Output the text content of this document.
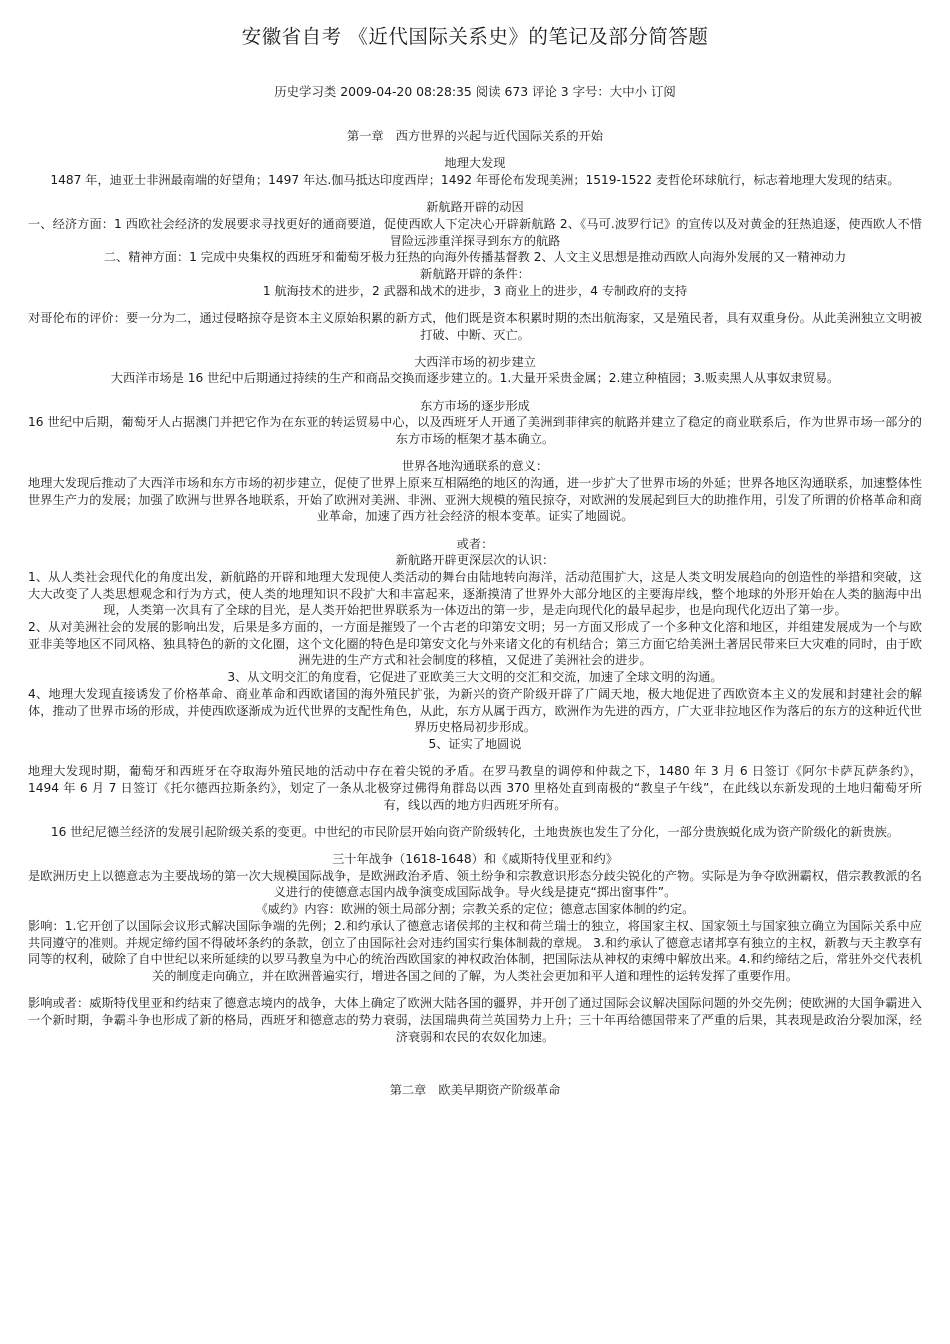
安徽省自考 《近代国际关系史》的笔记及部分简答题
历史学习类 2009-04-20 08:28:35 阅读 673 评论 3 字号：大中小 订阅

第一章　西方世界的兴起与近代国际关系的开始

地理大发现

1487 年，迪亚士非洲最南端的好望角；1497 年达.伽马抵达印度西岸；1492 年哥伦布发现美洲；1519-1522 麦哲伦环球航行，标志着地理大发现的结束。

新航路开辟的动因

一、经济方面：1 西欧社会经济的发展要求寻找更好的通商要道，促使西欧人下定决心开辟新航路 2、《马可.波罗行记》的宣传以及对黄金的狂热追逐，使西欧人不惜冒险远涉重洋探寻到东方的航路

二、精神方面：1 完成中央集权的西班牙和葡萄牙极力狂热的向海外传播基督教 2、人文主义思想是推动西欧人向海外发展的又一精神动力

新航路开辟的条件：

1 航海技术的进步，2 武器和战术的进步，3 商业上的进步，4 专制政府的支持

对哥伦布的评价：要一分为二，通过侵略掠夺是资本主义原始积累的新方式，他们既是资本积累时期的杰出航海家，又是殖民者，具有双重身份。从此美洲独立文明被打破、中断、灭亡。

大西洋市场的初步建立

大西洋市场是 16 世纪中后期通过持续的生产和商品交换而逐步建立的。1.大量开采贵金属；2.建立种植园；3.贩卖黑人从事奴隶贸易。

东方市场的逐步形成

16 世纪中后期，葡萄牙人占据澳门并把它作为在东亚的转运贸易中心，以及西班牙人开通了美洲到菲律宾的航路并建立了稳定的商业联系后，作为世界市场一部分的东方市场的框架才基本确立。

世界各地沟通联系的意义：

地理大发现后推动了大西洋市场和东方市场的初步建立，促使了世界上原来互相隔绝的地区的沟通，进一步扩大了世界市场的外延；世界各地区沟通联系，加速整体性世界生产力的发展；加强了欧洲与世界各地联系，开始了欧洲对美洲、非洲、亚洲大规模的殖民掠夺，对欧洲的发展起到巨大的助推作用，引发了所谓的价格革命和商业革命，加速了西方社会经济的根本变革。证实了地圆说。

或者：

新航路开辟更深层次的认识：

1、从人类社会现代化的角度出发，新航路的开辟和地理大发现使人类活动的舞台由陆地转向海洋，活动范围扩大，这是人类文明发展趋向的创造性的举措和突破，这大大改变了人类思想观念和行为方式，使人类的地理知识不段扩大和丰富起来，逐渐摸清了世界外大部分地区的主要海岸线，整个地球的外形开始在人类的脑海中出现，人类第一次具有了全球的目光，是人类开始把世界联系为一体迈出的第一步，是走向现代化的最早起步，也是向现代化迈出了第一步。

2、从对美洲社会的发展的影响出发，后果是多方面的，一方面是摧毁了一个古老的印第安文明；另一方面又形成了一个多种文化溶和地区，并组建发展成为一个与欧亚非美等地区不同风格、独具特色的新的文化圈，这个文化圈的特色是印第安文化与外来诸文化的有机结合；第三方面它给美洲土著居民带来巨大灾难的同时，由于欧洲先进的生产方式和社会制度的移植，又促进了美洲社会的进步。

3、从文明交汇的角度看，它促进了亚欧美三大文明的交汇和交流，加速了全球文明的沟通。

4、地理大发现直接诱发了价格革命、商业革命和西欧诸国的海外殖民扩张，为新兴的资产阶级开辟了广阔天地，极大地促进了西欧资本主义的发展和封建社会的解体，推动了世界市场的形成，并使西欧逐渐成为近代世界的支配性角色，从此，东方从属于西方，欧洲作为先进的西方，广大亚非拉地区作为落后的东方的这种近代世界历史格局初步形成。

5、证实了地圆说

地理大发现时期，葡萄牙和西班牙在夺取海外殖民地的活动中存在着尖锐的矛盾。在罗马教皇的调停和仲裁之下，1480 年 3 月 6 日签订《阿尔卡萨瓦萨条约》，1494 年 6 月 7 日签订《托尔德西拉斯条约》，划定了一条从北极穿过佛得角群岛以西 370 里格处直到南极的“教皇子午线”，在此线以东新发现的土地归葡萄牙所有，线以西的地方归西班牙所有。

16 世纪尼德兰经济的发展引起阶级关系的变更。中世纪的市民阶层开始向资产阶级转化，土地贵族也发生了分化，一部分贵族蜕化成为资产阶级化的新贵族。

三十年战争（1618-1648）和《威斯特伐里亚和约》

是欧洲历史上以德意志为主要战场的第一次大规模国际战争，是欧洲政治矛盾、领土纷争和宗教意识形态分歧尖锐化的产物。实际是为争夺欧洲霸权，借宗教教派的名义进行的使德意志国内战争演变成国际战争。导火线是捷克“掷出窗事件”。

《威约》内容：欧洲的领土局部分割；宗教关系的定位；德意志国家体制的约定。

影响：1.它开创了以国际会议形式解决国际争端的先例；2.和约承认了德意志诸侯邦的主权和荷兰瑞士的独立，将国家主权、国家领土与国家独立确立为国际关系中应共同遵守的准则。并规定缔约国不得破坏条约的条款，创立了由国际社会对违约国实行集体制裁的章规。 3.和约承认了德意志诸邦享有独立的主权，新教与天主教享有同等的权利，破除了自中世纪以来所延续的以罗马教皇为中心的统治西欧国家的神权政治体制，把国际法从神权的束缚中解放出来。4.和约缔结之后，常驻外交代表机关的制度走向确立，并在欧洲普遍实行，增进各国之间的了解，为人类社会更加和平人道和理性的运转发挥了重要作用。

影响或者：威斯特伐里亚和约结束了德意志境内的战争，大体上确定了欧洲大陆各国的疆界，并开创了通过国际会议解决国际问题的外交先例；使欧洲的大国争霸进入一个新时期，争霸斗争也形成了新的格局，西班牙和德意志的势力衰弱，法国瑞典荷兰英国势力上升；三十年再给德国带来了严重的后果，其表现是政治分裂加深，经济衰弱和农民的农奴化加速。

第二章　欧美早期资产阶级革命
